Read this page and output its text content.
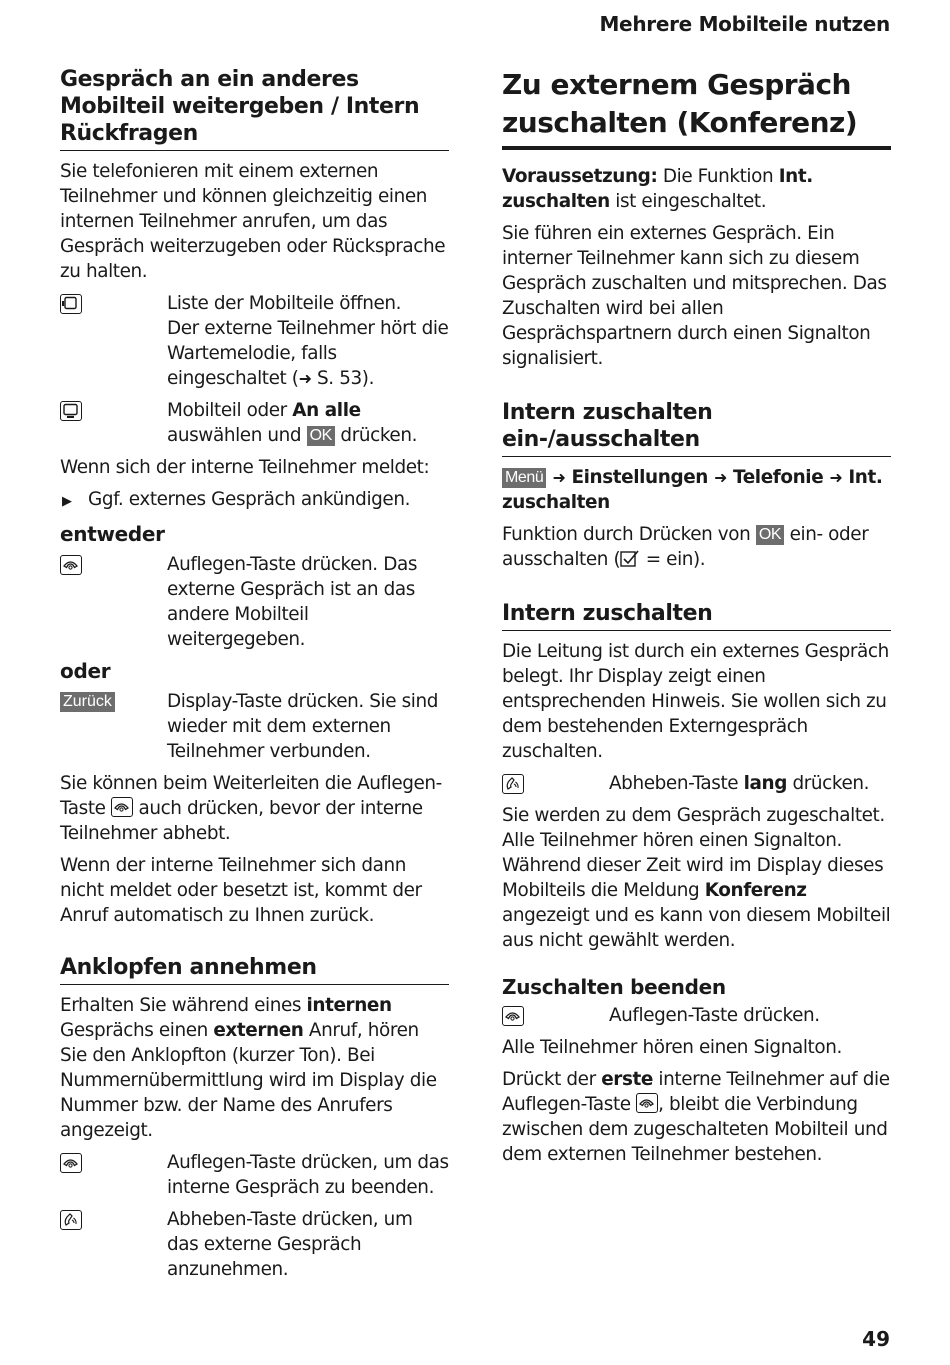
Mehrere Mobilteile nutzen
Gespräch an ein anderes Mobilteil weitergeben / Intern Rückfragen

Sie telefonieren mit einem externen Teilnehmer und können gleichzeitig einen internen Teilnehmer anrufen, um das Gespräch weiterzugeben oder Rücksprache zu halten.

Liste der Mobilteile öffnen.
Der externe Teilnehmer hört die Wartemelodie, falls eingeschaltet (➜ S. 53).
Mobilteil oder An alle auswählen und OK drücken.

Wenn sich der interne Teilnehmer meldet:

▶ Ggf. externes Gespräch ankündigen.
entweder
Auflegen-Taste drücken. Das externe Gespräch ist an das andere Mobilteil weitergegeben.
oder
Zurück	Display-Taste drücken. Sie sind wieder mit dem externen Teilnehmer verbunden.

Sie können beim Weiterleiten die Auflegen-Taste
auch drücken, bevor der interne Teilnehmer abhebt.

Wenn der interne Teilnehmer sich dann nicht meldet oder besetzt ist, kommt der Anruf automatisch zu Ihnen zurück.

Anklopfen annehmen

Erhalten Sie während eines internen Gesprächs einen externen Anruf, hören Sie den Anklopfton (kurzer Ton). Bei Nummernübermittlung wird im Display die Nummer bzw. der Name des Anrufers angezeigt.

Auflegen-Taste drücken, um das interne Gespräch zu beenden.
Abheben-Taste drücken, um das externe Gespräch anzunehmen.
Zu externem Gespräch zuschalten (Konferenz)

Voraussetzung: Die Funktion Int. zuschalten ist eingeschaltet.

Sie führen ein externes Gespräch. Ein interner Teilnehmer kann sich zu diesem Gespräch zuschalten und mitsprechen. Das Zuschalten wird bei allen Gesprächspartnern durch einen Signalton signalisiert.

Intern zuschalten ein-/ausschalten

Menü ➜ Einstellungen ➜ Telefonie ➜ Int. zuschalten

Funktion durch Drücken von OK ein- oder ausschalten ( = ein).

Intern zuschalten

Die Leitung ist durch ein externes Gespräch belegt. Ihr Display zeigt einen entsprechenden Hinweis. Sie wollen sich zu dem bestehenden Externgespräch zuschalten.

Abheben-Taste lang drücken.

Sie werden zu dem Gespräch zugeschaltet. Alle Teilnehmer hören einen Signalton. Während dieser Zeit wird im Display dieses Mobilteils die Meldung Konferenz angezeigt und es kann von diesem Mobilteil aus nicht gewählt werden.

Zuschalten beenden
Auflegen-Taste drücken.

Alle Teilnehmer hören einen Signalton.

Drückt der erste interne Teilnehmer auf die Auflegen-Taste
, bleibt die Verbindung zwischen dem zugeschalteten Mobilteil und dem externen Teilnehmer bestehen.

49
